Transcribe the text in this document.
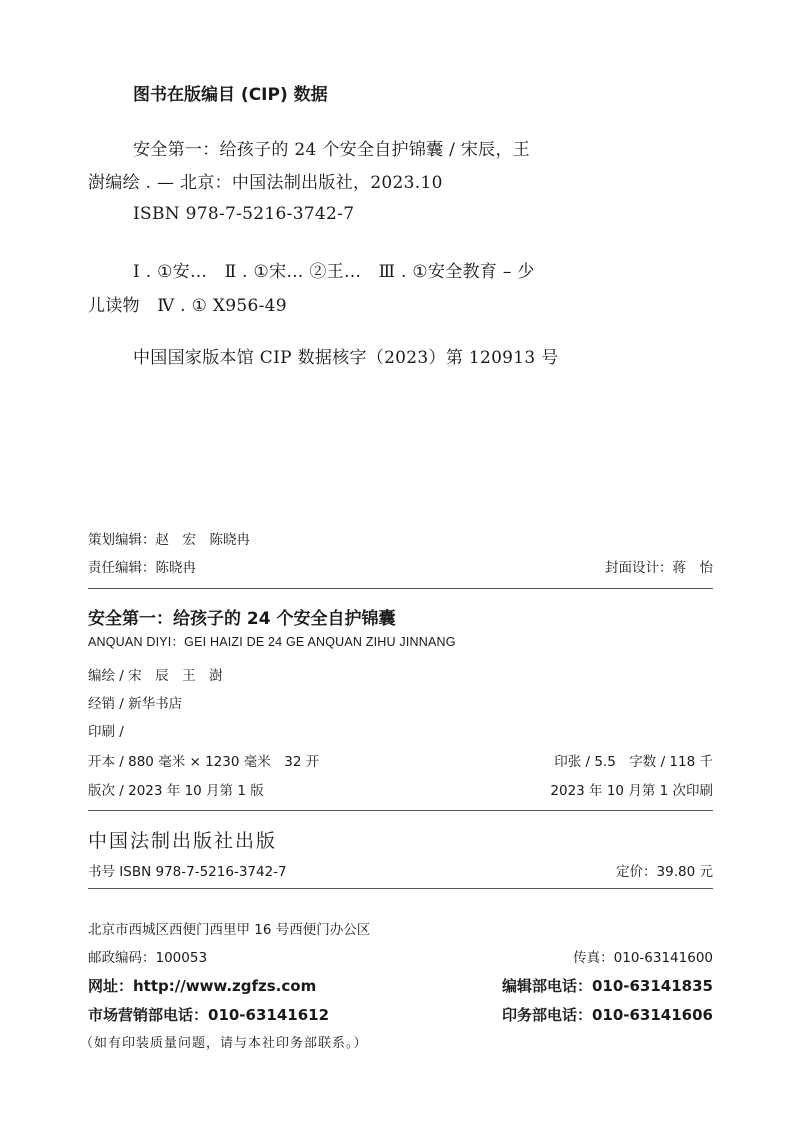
图书在版编目 (CIP) 数据
安全第一：给孩子的 24 个安全自护锦囊 / 宋辰，王
澍编绘 . — 北京：中国法制出版社，2023.10
ISBN 978-7-5216-3742-7
Ⅰ . ①安…　Ⅱ . ①宋… ②王…　Ⅲ . ①安全教育 – 少
儿读物　Ⅳ . ① X956-49
中国国家版本馆 CIP 数据核字（2023）第 120913 号
策划编辑：赵　宏　陈晓冉
责任编辑：陈晓冉	封面设计：蒋　怡
安全第一：给孩子的 24 个安全自护锦囊
ANQUAN DIYI：GEI HAIZI DE 24 GE ANQUAN ZIHU JINNANG
编绘 / 宋　辰　王　澍
经销 / 新华书店
印刷 /
开本 / 880 毫米 × 1230 毫米　32 开	印张 / 5.5　字数 / 118 千
版次 / 2023 年 10 月第 1 版	2023 年 10 月第 1 次印刷
中国法制出版社出版
书号 ISBN 978-7-5216-3742-7	定价：39.80 元
北京市西城区西便门西里甲 16 号西便门办公区
邮政编码：100053	传真：010-63141600
网址：http://www.zgfzs.com	编辑部电话：010-63141835
市场营销部电话：010-63141612	印务部电话：010-63141606
（如有印装质量问题，请与本社印务部联系。）
